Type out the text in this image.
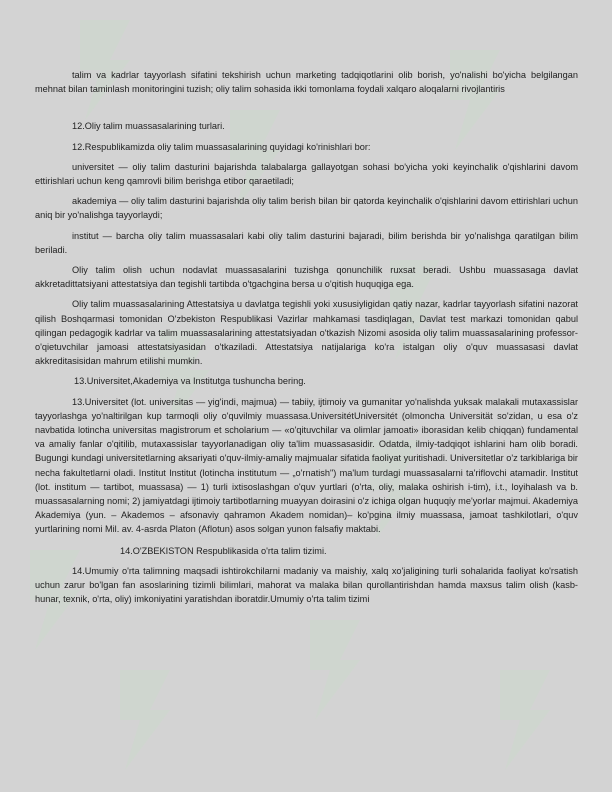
talim va kadrlar tayyorlash sifatini tekshirish uchun marketing tadqiqotlarini olib borish, yo'nalishi bo'yicha belgilangan mehnat bilan taminlash monitoringini tuzish; oliy talim sohasida ikki tomonlama foydali xalqaro aloqalarni rivojlantiris

12.Oliy talim muassasalarining turlari.

12.Respublikamizda oliy talim muassasalarining quyidagi ko'rinishlari bor:

universitet — oliy talim dasturini bajarishda talabalarga gallayotgan sohasi bo'yicha yoki keyinchalik o'qishlarini davom ettirishlari uchun keng qamrovli bilim berishga etibor qaraetiladi;

akademiya — oliy talim dasturini bajarishda oliy talim berish bilan bir qatorda keyinchalik o'qishlarini davom ettirishlari uchun aniq bir yo'nalishga tayyorlaydi;

institut — barcha oliy talim muassasalari kabi oliy talim dasturini bajaradi, bilim berishda bir yo'nalishga qaratilgan bilim beriladi.

Oliy talim olish uchun nodavlat muassasalarini tuzishga qonunchilik ruxsat beradi. Ushbu muassasaga davlat akkretadittatsiyani attestatsiya dan tegishli tartibda o'tgachgina bersa u o'qitish huquqiga ega.

Oliy talim muassasalarining Attestatsiya u davlatga tegishli yoki xususiyligidan qatiy nazar, kadrlar tayyorlash sifatini nazorat qilish Boshqarmasi tomonidan O'zbekiston Respublikasi Vazirlar mahkamasi tasdiqlagan, Davlat test markazi tomonidan qabul qilingan pedagogik kadrlar va talim muassasalarining attestatsiyadan o'tkazish Nizomi asosida oliy talim muassasalarining professor-o'qietuvchilar jamoasi attestatsiyasidan o'tkaziladi. Attestatsiya natijalariga ko'ra istalgan oliy o'quv muassasasi davlat akkreditasisidan mahrum etilishi mumkin.

13.Universitet,Akademiya va Institutga tushuncha bering.

13.Universitet (lot. universitas — yig'indi, majmua) — tabiiy, ijtimoiy va gumanitar yo'nalishda yuksak malakali mutaxassislar tayyorlashga yo'naltirilgan kup tarmoqli oliy o'quvilmiy muassasa.UniversitétUniversitét (olmoncha Universität so'zidan, u esa o'z navbatida lotincha universitas magistrorum et scholarium — «o'qituvchilar va olimlar jamoati» iborasidan kelib chiqqan) fundamental va amaliy fanlar o'qitilib, mutaxassislar tayyorlanadigan oliy ta'lim muassasasidir. Odatda, ilmiy-tadqiqot ishlarini ham olib boradi. Bugungi kundagi universitetlarning aksariyati o'quv-ilmiy-amaliy majmualar sifatida faoliyat yuritishadi. Universitetlar o'z tarkiblariga bir necha fakultetlarni oladi. Institut Institut (lotincha institutum — „o'rnatish") ma'lum turdagi muassasalarni ta'riflovchi atamadir. Institut (lot. institum — tartibot, muassasa) — 1) turli ixtisoslashgan o'quv yurtlari (o'rta, oliy, malaka oshirish i-tim), i.t., loyihalash va b. muassasalarning nomi; 2) jamiyatdagi ijtimoiy tartibotlarning muayyan doirasini o'z ichiga olgan huquqiy me'yorlar majmui. Akademiya Akademiya (yun. – Akademos – afsonaviy qahramon Akadem nomidan)– ko'pgina ilmiy muassasa, jamoat tashkilotlari, o'quv yurtlarining nomi Mil. av. 4-asrda Platon (Aflotun) asos solgan yunon falsafiy maktabi.

14.O'ZBEKISTON Respublikasida o'rta talim tizimi.

14.Umumiy o'rta talimning maqsadi ishtirokchilarni madaniy va maishiy, xalq xo'jaligining turli sohalarida faoliyat ko'rsatish uchun zarur bo'lgan fan asoslarining tizimli bilimlari, mahorat va malaka bilan qurollantirishdan hamda maxsus talim olish (kasb-hunar, texnik, o'rta, oliy) imkoniyatini yaratishdan iboratdir.Umumiy o'rta talim tizimi
